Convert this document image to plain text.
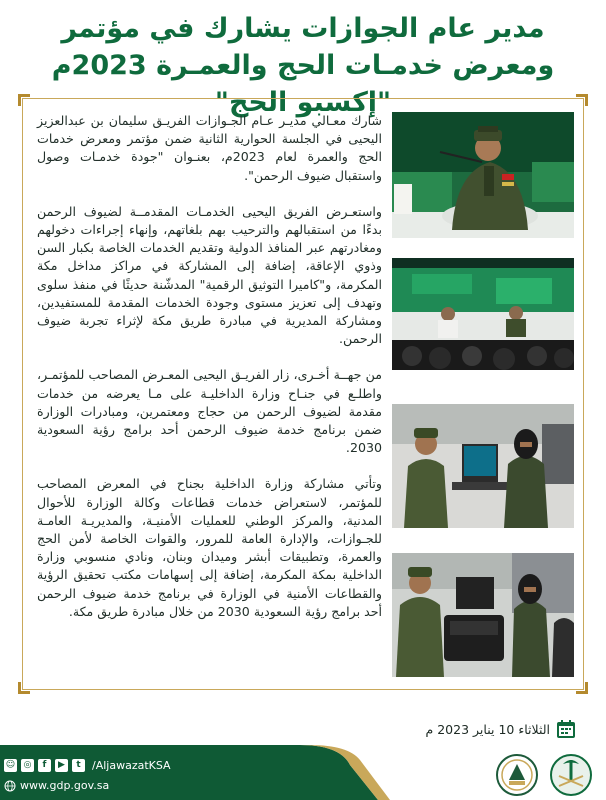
مدير عام الجوازات يشارك في مؤتمر ومعرض خدمـات الحج والعمـرة 2023م "إكسبو الحج"

شارك معـالي مديـر عـام الجـوازات الفريـق سليمان بن عبدالعزيز اليحيى في الجلسة الحوارية الثانية ضمن مؤتمر ومعرض خدمات الحج والعمرة لعام 2023م، بعنـوان "جودة خدمـات وصول واستقبال ضيوف الرحمن".

واستعـرض الفريق اليحيى الخدمـات المقدمــة لضيوف الرحمن بدءًا من استقبالهم والترحيب بهم بلغاتهم، وإنهاء إجراءات دخولهم ومغادرتهم عبر المنافذ الدولية وتقديم الخدمات الخاصة بكبار السن وذوي الإعاقة، إضافة إلى المشاركة في مراكز مداخل مكة المكرمة، و"كاميرا التوثيق الرقمية" المدشّنة حديثًا في منفذ سلوى وتهدف إلى تعزيز مستوى وجودة الخدمات المقدمة للمستفيدين، ومشاركة المديرية في مبادرة طريق مكة لإثراء تجربة ضيوف الرحمن.

من جهــة أخـرى، زار الفريـق اليحيى المعـرض المصاحب للمؤتمـر، واطلـع في جنـاح وزارة الداخليـة على مـا يعرضه من خدمات مقدمة لضيوف الرحمن من حجاج ومعتمرين، ومبادرات الوزارة ضمن برنامج خدمة ضيوف الرحمن أحد برامج رؤية السعودية 2030.

وتأتي مشاركة وزارة الداخلية بجناح في المعرض المصاحب للمؤتمر، لاستعراض خدمات قطاعات وكالة الوزارة للأحوال المدنية، والمركز الوطني للعمليات الأمنيـة، والمديريـة العامـة للجـوازات، والإدارة العامة للمرور، والقوات الخاصة لأمن الحج والعمرة، وتطبيقات أبشر وميدان وبنان، ونادي منسوبي وزارة الداخلية بمكة المكرمة، إضافة إلى إسهامات مكتب تحقيق الرؤية والقطاعات الأمنية في الوزارة في برنامج خدمة ضيوف الرحمن أحد برامج رؤية السعودية 2030 من خلال مبادرة طريق مكة.

الثلاثاء 10 يناير 2023 م
☺ ◎	f	▶	t	/AljawazatKSA
www.gdp.gov.sa
